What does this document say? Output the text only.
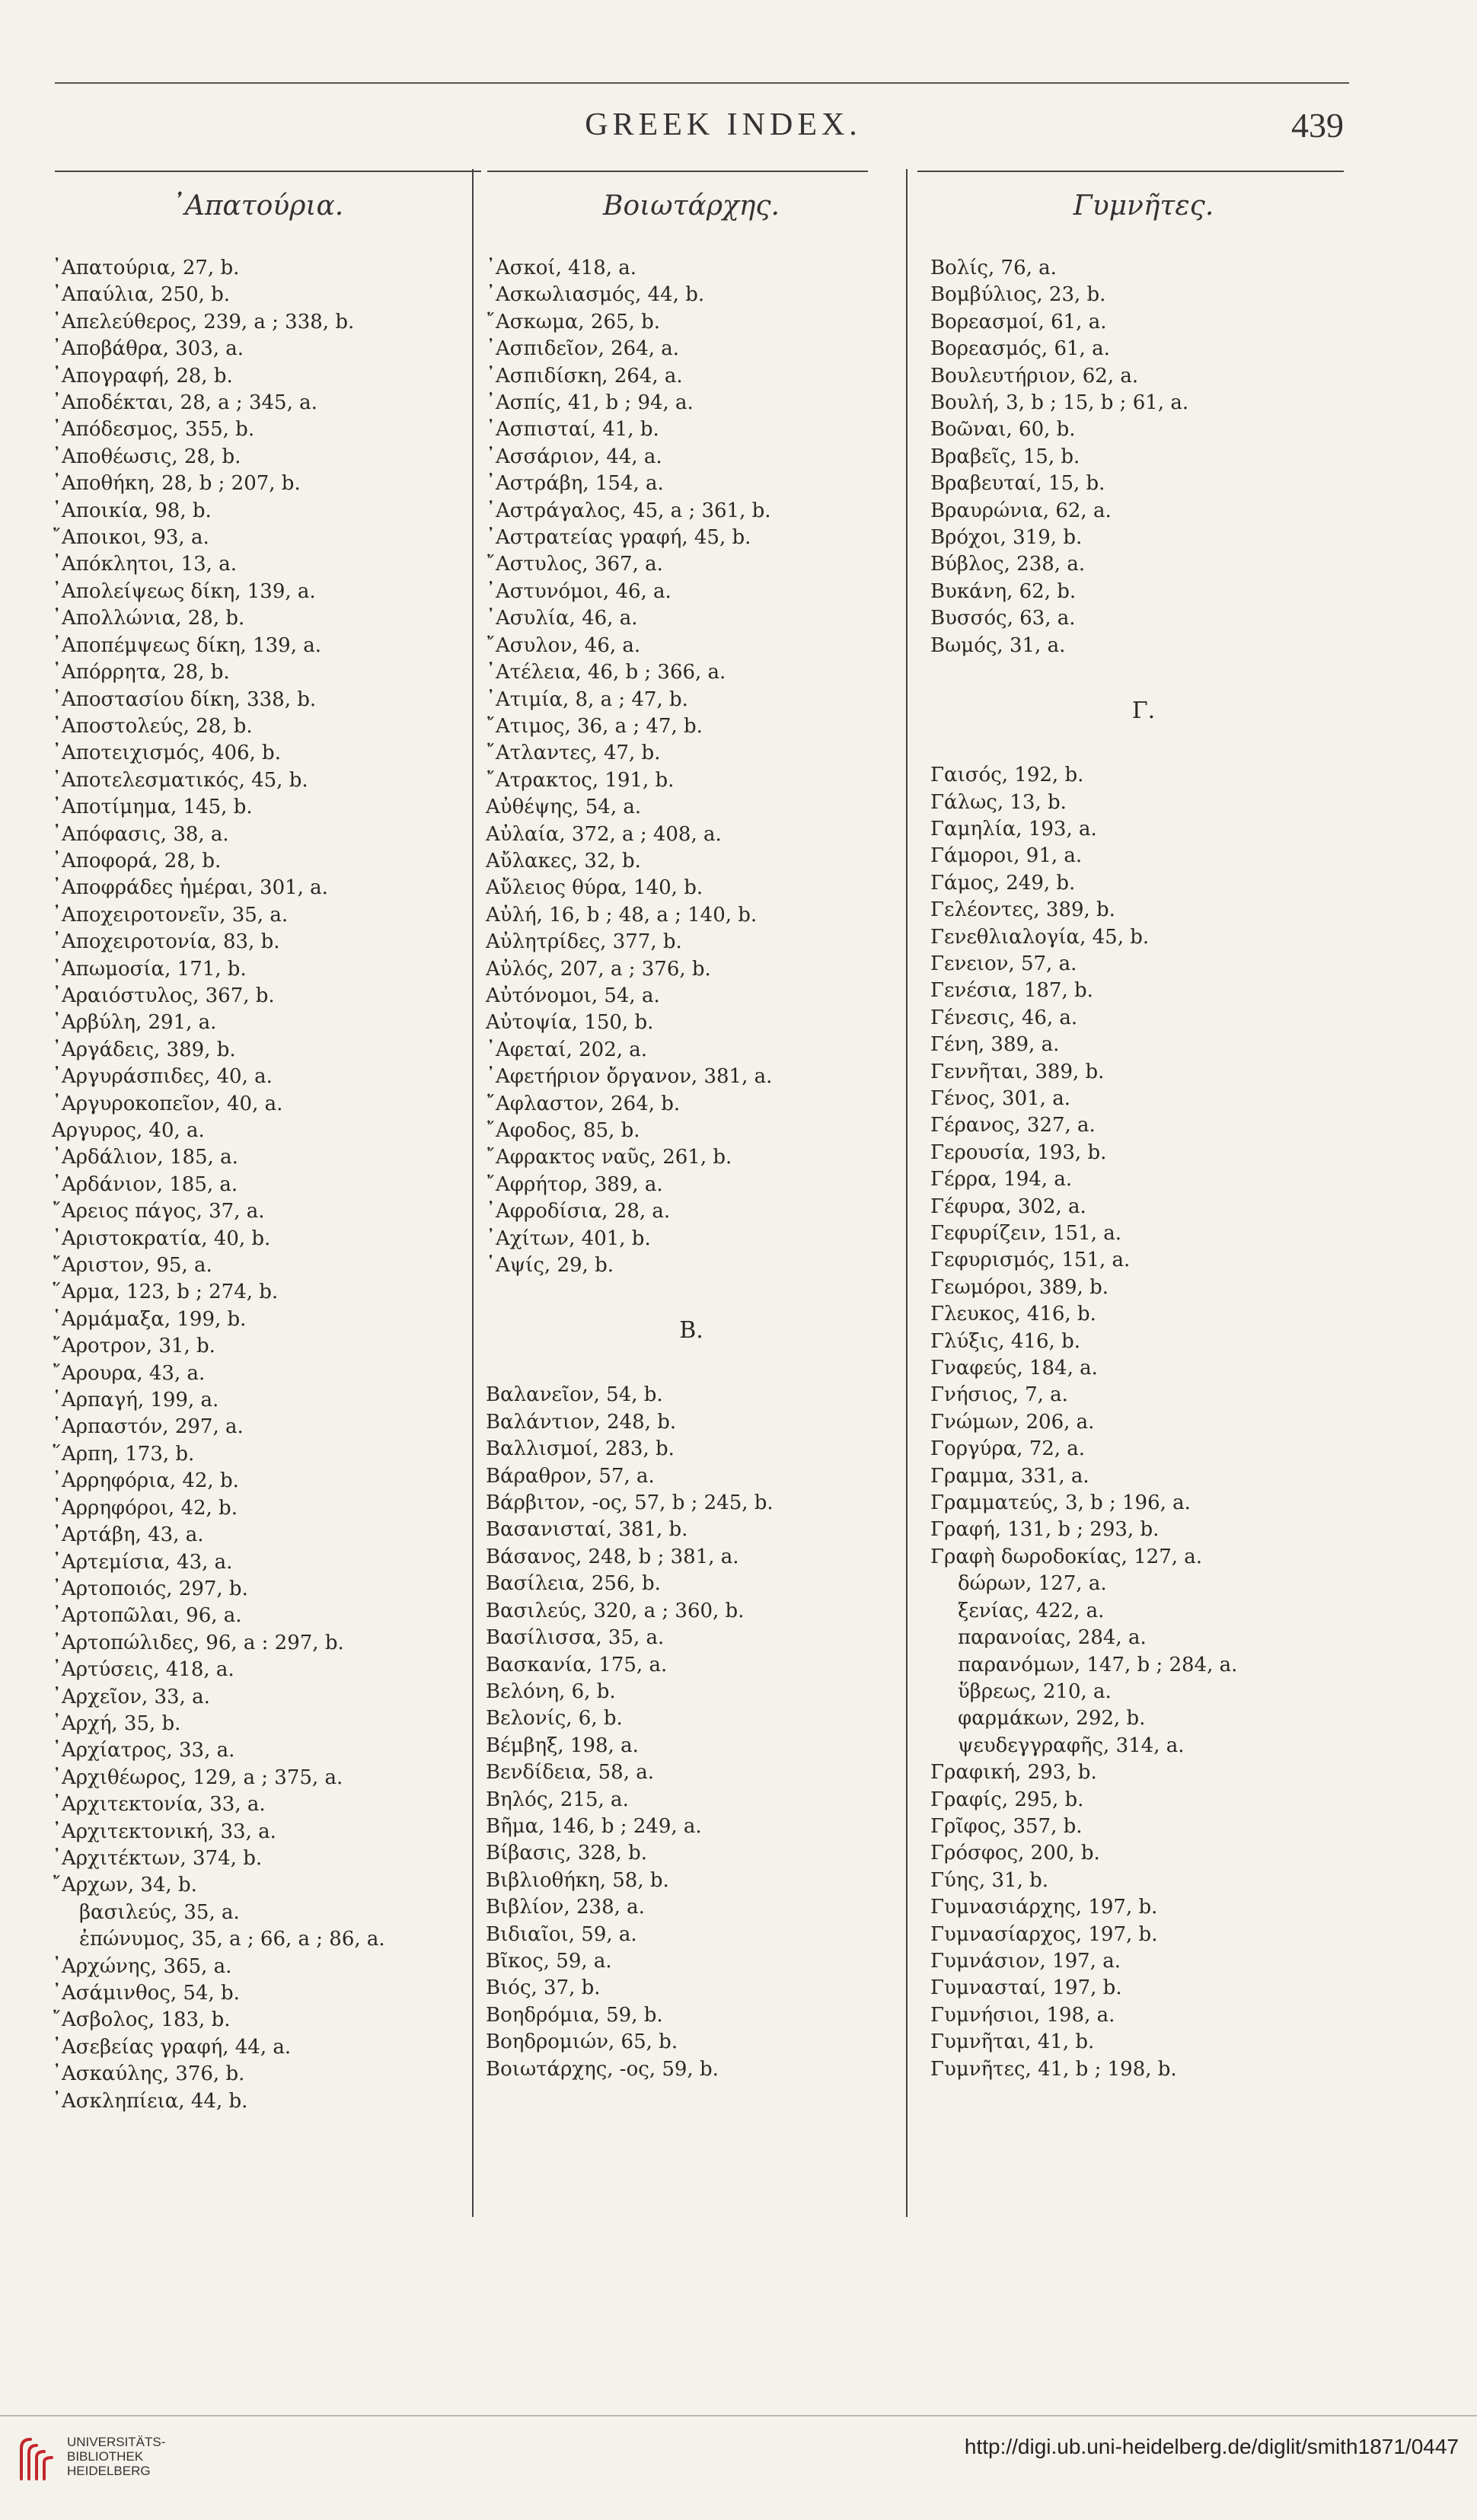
GREEK INDEX.	439
᾿Απατούρια.
᾿Απατούρια, 27, b.
᾿Απαύλια, 250, b.
᾿Απελεύθερος, 239, a ; 338, b.
᾿Αποβάθρα, 303, a.
᾿Απογραφή, 28, b.
᾿Αποδέκται, 28, a ; 345, a.
᾿Απόδεσμος, 355, b.
᾿Αποθέωσις, 28, b.
᾿Αποθήκη, 28, b ; 207, b.
᾿Αποικία, 98, b.
῎Αποικοι, 93, a.
᾿Απόκλητοι, 13, a.
᾿Απολείψεως δίκη, 139, a.
᾿Απολλώνια, 28, b.
᾿Αποπέμψεως δίκη, 139, a.
᾿Απόρρητα, 28, b.
᾿Αποστασίου δίκη, 338, b.
᾿Αποστολεύς, 28, b.
᾿Αποτειχισμός, 406, b.
᾿Αποτελεσματικός, 45, b.
᾿Αποτίμημα, 145, b.
᾿Απόφασις, 38, a.
᾿Αποφορά, 28, b.
᾿Αποφράδες ἡμέραι, 301, a.
᾿Αποχειροτονεῖν, 35, a.
᾿Αποχειροτονία, 83, b.
᾿Απωμοσία, 171, b.
᾿Αραιόστυλος, 367, b.
᾿Αρβύλη, 291, a.
᾿Αργάδεις, 389, b.
᾿Αργυράσπιδες, 40, a.
᾿Αργυροκοπεῖον, 40, a.
Αργυρος, 40, a.
᾿Αρδάλιον, 185, a.
᾿Αρδάνιον, 185, a.
῎Αρειος πάγος, 37, a.
᾿Αριστοκρατία, 40, b.
῎Αριστον, 95, a.
῞Αρμα, 123, b ; 274, b.
῾Αρμάμαξα, 199, b.
῎Αροτρον, 31, b.
῎Αρουρα, 43, a.
῾Αρπαγή, 199, a.
῾Αρπαστόν, 297, a.
῞Αρπη, 173, b.
᾿Αρρηφόρια, 42, b.
᾿Αρρηφόροι, 42, b.
᾿Αρτάβη, 43, a.
᾿Αρτεμίσια, 43, a.
᾿Αρτοποιός, 297, b.
᾿Αρτοπῶλαι, 96, a.
᾿Αρτοπώλιδες, 96, a : 297, b.
᾿Αρτύσεις, 418, a.
᾿Αρχεῖον, 33, a.
᾿Αρχή, 35, b.
᾿Αρχίατρος, 33, a.
᾿Αρχιθέωρος, 129, a ; 375, a.
᾿Αρχιτεκτονία, 33, a.
᾿Αρχιτεκτονική, 33, a.
᾿Αρχιτέκτων, 374, b.
῎Αρχων, 34, b.
βασιλεύς, 35, a.
ἐπώνυμος, 35, a ; 66, a ; 86, a.
᾿Αρχώνης, 365, a.
᾿Ασάμινθος, 54, b.
῎Ασβολος, 183, b.
᾿Ασεβείας γραφή, 44, a.
᾿Ασκαύλης, 376, b.
᾿Ασκληπίεια, 44, b.
Βοιωτάρχης.
᾿Ασκοί, 418, a.
᾿Ασκωλιασμός, 44, b.
῎Ασκωμα, 265, b.
᾿Ασπιδεῖον, 264, a.
᾿Ασπιδίσκη, 264, a.
᾿Ασπίς, 41, b ; 94, a.
᾿Ασπισταί, 41, b.
᾿Ασσάριον, 44, a.
᾿Αστράβη, 154, a.
᾿Αστράγαλος, 45, a ; 361, b.
᾿Αστρατείας γραφή, 45, b.
῎Αστυλος, 367, a.
᾿Αστυνόμοι, 46, a.
᾿Ασυλία, 46, a.
῎Ασυλον, 46, a.
᾿Ατέλεια, 46, b ; 366, a.
᾿Ατιμία, 8, a ; 47, b.
῎Ατιμος, 36, a ; 47, b.
῎Ατλαντες, 47, b.
῎Ατρακτος, 191, b.
Αὐθέψης, 54, a.
Αὐλαία, 372, a ; 408, a.
Αὔλακες, 32, b.
Αὔλειος θύρα, 140, b.
Αὐλή, 16, b ; 48, a ; 140, b.
Αὐλητρίδες, 377, b.
Αὐλός, 207, a ; 376, b.
Αὐτόνομοι, 54, a.
Αὐτοψία, 150, b.
᾿Αφεταί, 202, a.
᾿Αφετήριον ὄργανον, 381, a.
῎Αφλαστον, 264, b.
῎Αφοδος, 85, b.
῎Αφρακτος ναῦς, 261, b.
῎Αφρήτορ, 389, a.
᾿Αφροδίσια, 28, a.
᾿Αχίτων, 401, b.
῾Αψίς, 29, b.
B.
Βαλανεῖον, 54, b.
Βαλάντιον, 248, b.
Βαλλισμοί, 283, b.
Βάραθρον, 57, a.
Βάρβιτον, -ος, 57, b ; 245, b.
Βασανισταί, 381, b.
Βάσανος, 248, b ; 381, a.
Βασίλεια, 256, b.
Βασιλεύς, 320, a ; 360, b.
Βασίλισσα, 35, a.
Βασκανία, 175, a.
Βελόνη, 6, b.
Βελονίς, 6, b.
Βέμβηξ, 198, a.
Βενδίδεια, 58, a.
Βηλός, 215, a.
Βῆμα, 146, b ; 249, a.
Βίβασις, 328, b.
Βιβλιοθήκη, 58, b.
Βιβλίον, 238, a.
Βιδιαῖοι, 59, a.
Βῖκος, 59, a.
Βιός, 37, b.
Βοηδρόμια, 59, b.
Βοηδρομιών, 65, b.
Βοιωτάρχης, -ος, 59, b.
Γυμνῆτες.
Βολίς, 76, a.
Βομβύλιος, 23, b.
Βορεασμοί, 61, a.
Βορεασμός, 61, a.
Βουλευτήριον, 62, a.
Βουλή, 3, b ; 15, b ; 61, a.
Βοῶναι, 60, b.
Βραβεῖς, 15, b.
Βραβευταί, 15, b.
Βραυρώνια, 62, a.
Βρόχοι, 319, b.
Βύβλος, 238, a.
Βυκάνη, 62, b.
Βυσσός, 63, a.
Βωμός, 31, a.
Γ.
Γαισός, 192, b.
Γάλως, 13, b.
Γαμηλία, 193, a.
Γάμοροι, 91, a.
Γάμος, 249, b.
Γελέοντες, 389, b.
Γενεθλιαλογία, 45, b.
Γενειον, 57, a.
Γενέσια, 187, b.
Γένεσις, 46, a.
Γένη, 389, a.
Γεννῆται, 389, b.
Γένος, 301, a.
Γέρανος, 327, a.
Γερουσία, 193, b.
Γέρρα, 194, a.
Γέφυρα, 302, a.
Γεφυρίζειν, 151, a.
Γεφυρισμός, 151, a.
Γεωμόροι, 389, b.
Γλευκος, 416, b.
Γλύξις, 416, b.
Γναφεύς, 184, a.
Γνήσιος, 7, a.
Γνώμων, 206, a.
Γοργύρα, 72, a.
Γραμμα, 331, a.
Γραμματεύς, 3, b ; 196, a.
Γραφή, 131, b ; 293, b.
Γραφὴ δωροδοκίας, 127, a.
δώρων, 127, a.
ξενίας, 422, a.
παρανοίας, 284, a.
παρανόμων, 147, b ; 284, a.
ὕβρεως, 210, a.
φαρμάκων, 292, b.
ψευδεγγραφῆς, 314, a.
Γραφική, 293, b.
Γραφίς, 295, b.
Γρῖφος, 357, b.
Γρόσφος, 200, b.
Γύης, 31, b.
Γυμνασιάρχης, 197, b.
Γυμνασίαρχος, 197, b.
Γυμνάσιον, 197, a.
Γυμνασταί, 197, b.
Γυμνήσιοι, 198, a.
Γυμνῆται, 41, b.
Γυμνῆτες, 41, b ; 198, b.
UNIVERSITÄTS-
BIBLIOTHEK
HEIDELBERG
http://digi.ub.uni-heidelberg.de/diglit/smith1871/0447
